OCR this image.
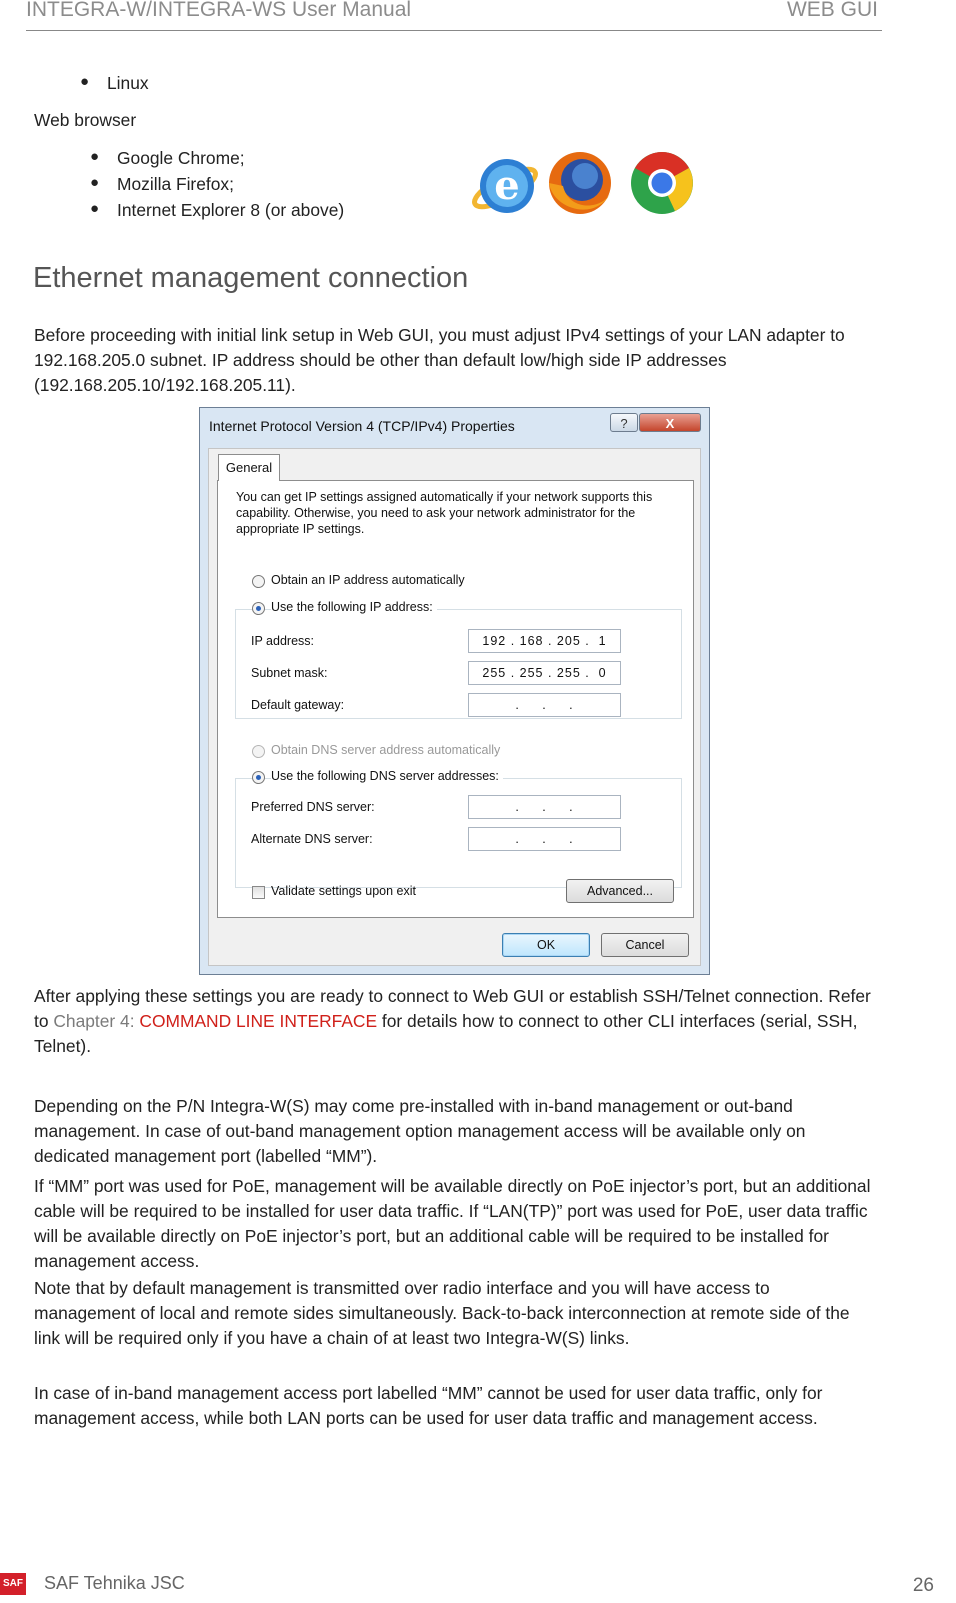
INTEGRA-W/INTEGRA-WS User Manual	WEB GUI
● Linux
Web browser
● Google Chrome;
● Mozilla Firefox;
● Internet Explorer 8 (or above)
e
Ethernet management connection
Before proceeding with initial link setup in Web GUI, you must adjust IPv4 settings of your LAN adapter to 192.168.205.0 subnet. IP address should be other than default low/high side IP addresses (192.168.205.10/192.168.205.11).
Internet Protocol Version 4 (TCP/IPv4) Properties	?	X
General
You can get IP settings assigned automatically if your network supports this capability. Otherwise, you need to ask your network administrator for the appropriate IP settings.
Obtain an IP address automatically
Use the following IP address:
IP address:	192 . 168 . 205 .  1
Subnet mask:	255 . 255 . 255 .  0
Default gateway:	.     .     .
Obtain DNS server address automatically
Use the following DNS server addresses:
Preferred DNS server:	.     .     .
Alternate DNS server:	.     .     .
Validate settings upon exit	Advanced...
OK	Cancel
After applying these settings you are ready to connect to Web GUI or establish SSH/Telnet connection. Refer to Chapter 4: COMMAND LINE INTERFACE for details how to connect to other CLI interfaces (serial, SSH, Telnet).
Depending on the P/N Integra-W(S) may come pre-installed with in-band management or out-band management. In case of out-band management option management access will be available only on dedicated management port (labelled “MM”).
If “MM” port was used for PoE, management will be available directly on PoE injector’s port, but an additional cable will be required to be installed for user data traffic. If “LAN(TP)” port was used for PoE, user data traffic will be available directly on PoE injector’s port, but an additional cable will be required to be installed for management access.
Note that by default management is transmitted over radio interface and you will have access to management of local and remote sides simultaneously. Back-to-back interconnection at remote side of the link will be required only if you have a chain of at least two Integra-W(S) links.
In case of in-band management access port labelled “MM” cannot be used for user data traffic, only for management access, while both LAN ports can be used for user data traffic and management access.
SAF SAF Tehnika JSC	26
